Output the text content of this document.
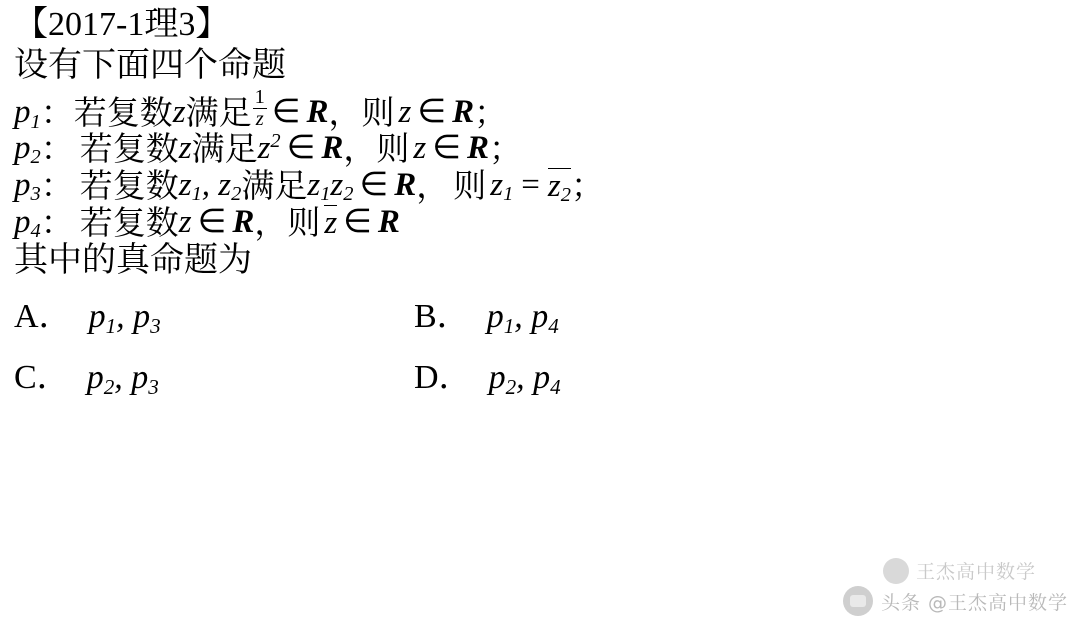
【2017-1理3】
设有下面四个命题
$p_1$ ： 若复数 z 满足 $\frac{1}{z}$ ∈ R ， 则 z ∈ R ；
$p_2$ ： 若复数 z 满足 $z^2$ ∈ R ， 则 z ∈ R ；
$p_3$ ： 若复数 $z_1$, $z_2$ 满足 $z_1z_2$ ∈ R ， 则 $z_1 = z_2$ ；
$p_4$ ： 若复数 z ∈ R ， 则 z ∈ R
其中的真命题为
A． $p_1$, $p_3$	B． $p_1$, $p_4$
C． $p_2$, $p_3$	D． $p_2$, $p_4$
王杰高中数学
头条 @王杰高中数学
